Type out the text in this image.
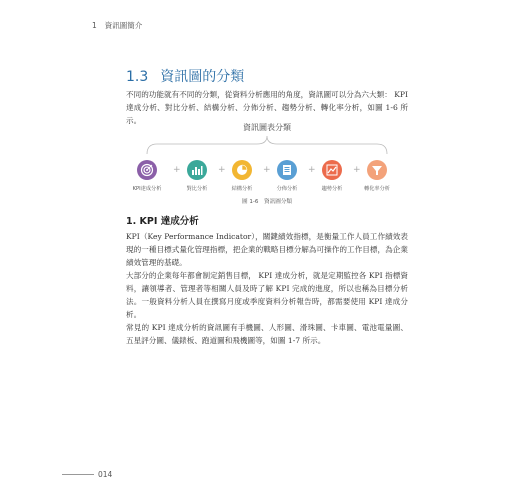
1 資訊圖簡介
1.3 資訊圖的分類
不同的功能就有不同的分類，從資料分析應用的角度，資訊圖可以分為六大類： KPI 達成分析、對比分析、結構分析、分佈分析、趨勢分析、轉化率分析，如圖 1-6 所示。
資訊圖表分類
KPI達成分析
+
對比分析
+
結構分析
+
分佈分析
+
趨勢分析
+
轉化率分析
圖 1-6　資訊圖分類
1. KPI 達成分析
KPI（Key Performance Indicator），關鍵績效指標，是衡量工作人員工作績效表現的一種目標式量化管理指標，把企業的戰略目標分解為可操作的工作目標，為企業績效管理的基礎。
大部分的企業每年都會制定銷售目標， KPI 達成分析，就是定期監控各 KPI 指標資料，讓領導者、管理者等相關人員及時了解 KPI 完成的進度，所以也稱為目標分析法。一般資料分析人員在撰寫月度或季度資料分析報告時，都需要使用 KPI 達成分析。
常見的 KPI 達成分析的資訊圖有手機圖、人形圖、滑珠圖、卡車圖、電池電量圖、五星評分圖、儀錶板、跑道圖和飛機圖等，如圖 1-7 所示。
014
